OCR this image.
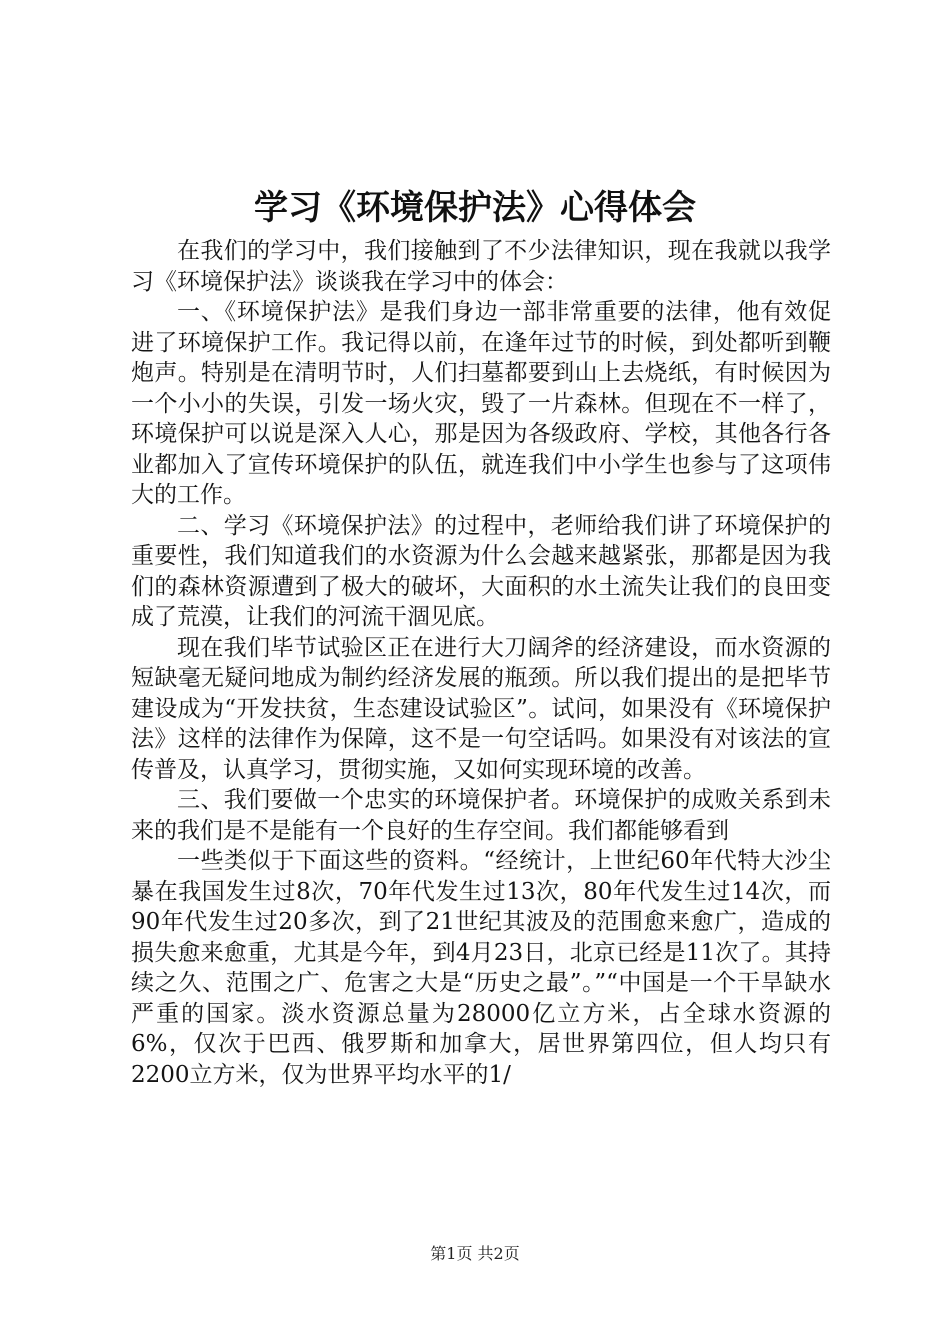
学习《环境保护法》心得体会

在我们的学习中，我们接触到了不少法律知识，现在我就以我学习《环境保护法》谈谈我在学习中的体会：

一、《环境保护法》是我们身边一部非常重要的法律，他有效促进了环境保护工作。我记得以前，在逢年过节的时候，到处都听到鞭炮声。特别是在清明节时，人们扫墓都要到山上去烧纸，有时候因为一个小小的失误，引发一场火灾，毁了一片森林。但现在不一样了，环境保护可以说是深入人心，那是因为各级政府、学校，其他各行各业都加入了宣传环境保护的队伍，就连我们中小学生也参与了这项伟大的工作。

二、学习《环境保护法》的过程中，老师给我们讲了环境保护的重要性，我们知道我们的水资源为什么会越来越紧张，那都是因为我们的森林资源遭到了极大的破坏，大面积的水土流失让我们的良田变成了荒漠，让我们的河流干涸见底。

现在我们毕节试验区正在进行大刀阔斧的经济建设，而水资源的短缺毫无疑问地成为制约经济发展的瓶颈。所以我们提出的是把毕节建设成为“开发扶贫，生态建设试验区”。试问，如果没有《环境保护法》这样的法律作为保障，这不是一句空话吗。如果没有对该法的宣传普及，认真学习，贯彻实施，又如何实现环境的改善。

三、我们要做一个忠实的环境保护者。环境保护的成败关系到未来的我们是不是能有一个良好的生存空间。我们都能够看到

一些类似于下面这些的资料。“经统计，上世纪60年代特大沙尘暴在我国发生过8次，70年代发生过13次，80年代发生过14次，而90年代发生过20多次，到了21世纪其波及的范围愈来愈广，造成的损失愈来愈重，尤其是今年，到4月23日，北京已经是11次了。其持续之久、范围之广、危害之大是“历史之最”。”“中国是一个干旱缺水严重的国家。淡水资源总量为28000亿立方米，占全球水资源的6%，仅次于巴西、俄罗斯和加拿大，居世界第四位，但人均只有2200立方米，仅为世界平均水平的1/

第1页 共2页
